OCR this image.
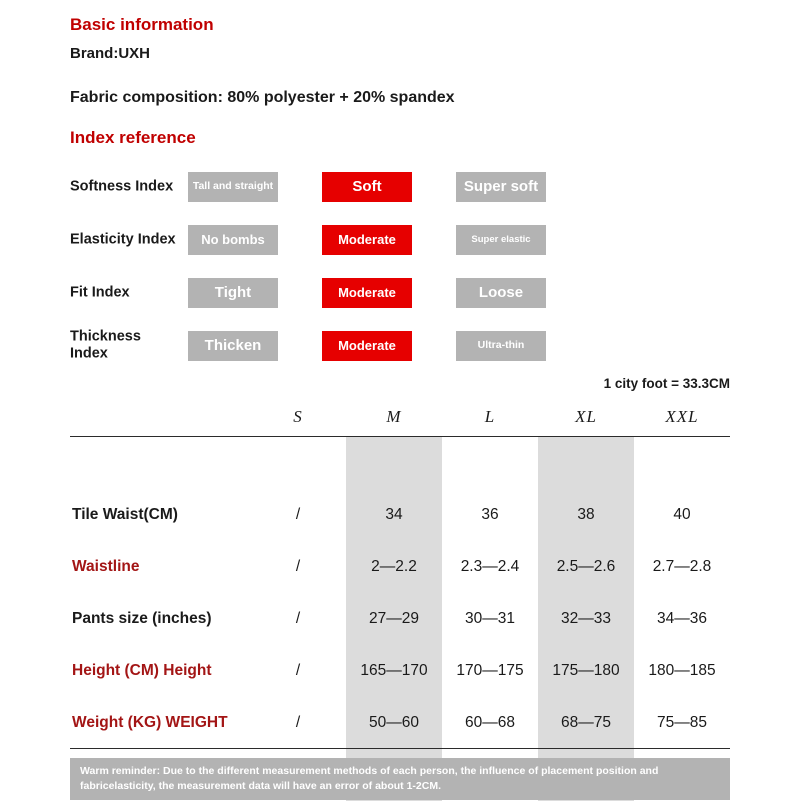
Basic information
Brand:UXH
Fabric composition: 80% polyester + 20% spandex
Index reference
Softness Index	Tall and straight	Soft	Super soft
Elasticity Index	No bombs	Moderate	Super elastic
Fit Index	Tight	Moderate	Loose
Thickness Index	Thicken	Moderate	Ultra-thin
1 city foot = 33.3CM
	S	M	L	XL	XXL

Tile Waist(CM)	/	34	36	38	40
Waistline	/	2—2.2	2.3—2.4	2.5—2.6	2.7—2.8
Pants size (inches)	/	27—29	30—31	32—33	34—36
Height (CM) Height	/	165—170	170—175	175—180	180—185
Weight (KG) WEIGHT	/	50—60	60—68	68—75	75—85

Warm reminder: Due to the different measurement methods of each person, the influence of placement position and fabricelasticity, the measurement data will have an error of about 1-2CM.
